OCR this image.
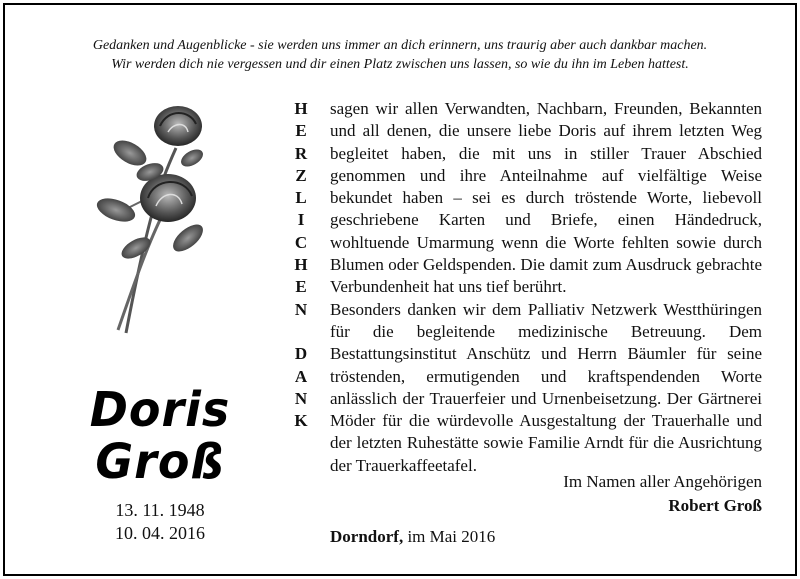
Gedanken und Augenblicke - sie werden uns immer an dich erinnern, uns traurig aber auch dankbar machen.
Wir werden dich nie vergessen und dir einen Platz zwischen uns lassen, so wie du ihn im Leben hattest.
Doris
Groß
13. 11. 1948
10. 04. 2016
H
E
R
Z
L
I
C
H
E
N
D
A
N
K

sagen wir allen Verwandten, Nachbarn, Freunden, Bekannten und all denen, die unsere liebe Doris auf ihrem letzten Weg begleitet haben, die mit uns in stiller Trauer Abschied genommen und ihre Anteilnahme auf vielfältige Weise bekundet haben – sei es durch tröstende Worte, liebevoll geschriebene Karten und Briefe, einen Händedruck, wohltuende Umarmung wenn die Worte fehlten sowie durch Blumen oder Geldspenden. Die damit zum Ausdruck gebrachte Verbundenheit hat uns tief berührt.

Besonders danken wir dem Palliativ Netzwerk Westthüringen für die begleitende medizinische Betreuung. Dem Bestattungsinstitut Anschütz und Herrn Bäumler für seine tröstenden, ermutigenden und kraftspendenden Worte anlässlich der Trauerfeier und Urnenbeisetzung. Der Gärtnerei Möder für die würdevolle Ausgestaltung der Trauerhalle und der letzten Ruhestätte sowie Familie Arndt für die Ausrichtung der Trauerkaffeetafel.

Im Namen aller Angehörigen
Robert Groß
Dorndorf, im Mai 2016
